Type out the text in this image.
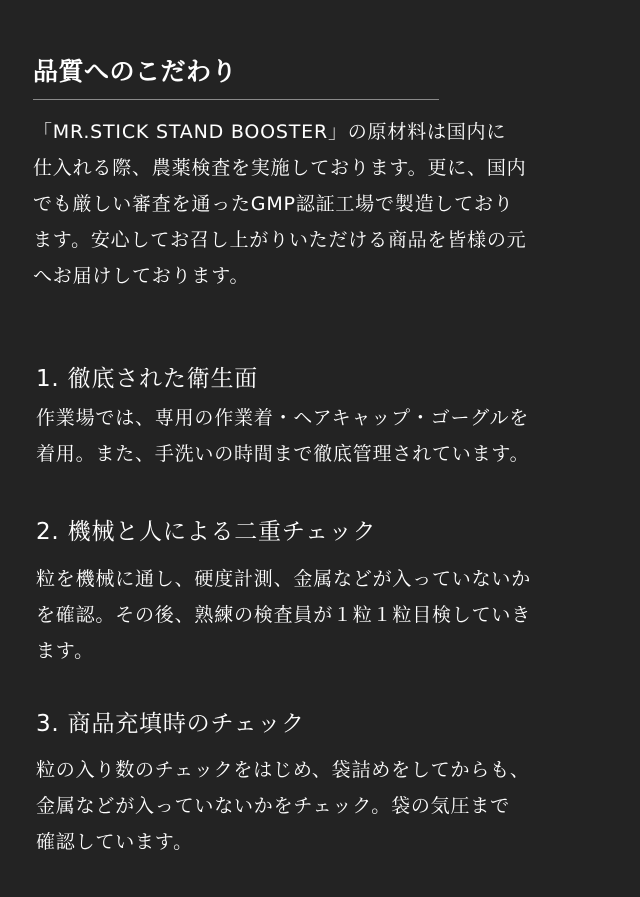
品質へのこだわり
「MR.STICK STAND BOOSTER」の原材料は国内に
仕入れる際、農薬検査を実施しております。更に、国内
でも厳しい審査を通ったGMP認証工場で製造しており
ます。安心してお召し上がりいただける商品を皆様の元
へお届けしております。
1. 徹底された衛生面
作業場では、専用の作業着・ヘアキャップ・ゴーグルを
着用。また、手洗いの時間まで徹底管理されています。
2. 機械と人による二重チェック
粒を機械に通し、硬度計測、金属などが入っていないか
を確認。その後、熟練の検査員が１粒１粒目検していき
ます。
3. 商品充填時のチェック
粒の入り数のチェックをはじめ、袋詰めをしてからも、
金属などが入っていないかをチェック。袋の気圧まで
確認しています。
